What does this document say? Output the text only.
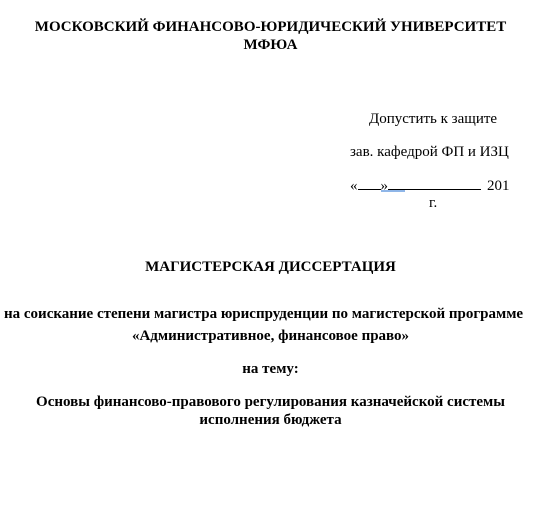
МОСКОВСКИЙ ФИНАНСОВО-ЮРИДИЧЕСКИЙ УНИВЕРСИТЕТ
МФЮА
Допустить к защите
зав. кафедрой ФП и ИЗЦ
« »	201
г.
МАГИСТЕРСКАЯ ДИССЕРТАЦИЯ
на соискание степени магистра юриспруденции по магистерской программе
«Административное, финансовое право»
на тему:
Основы финансово-правового регулирования казначейской системы
исполнения бюджета
